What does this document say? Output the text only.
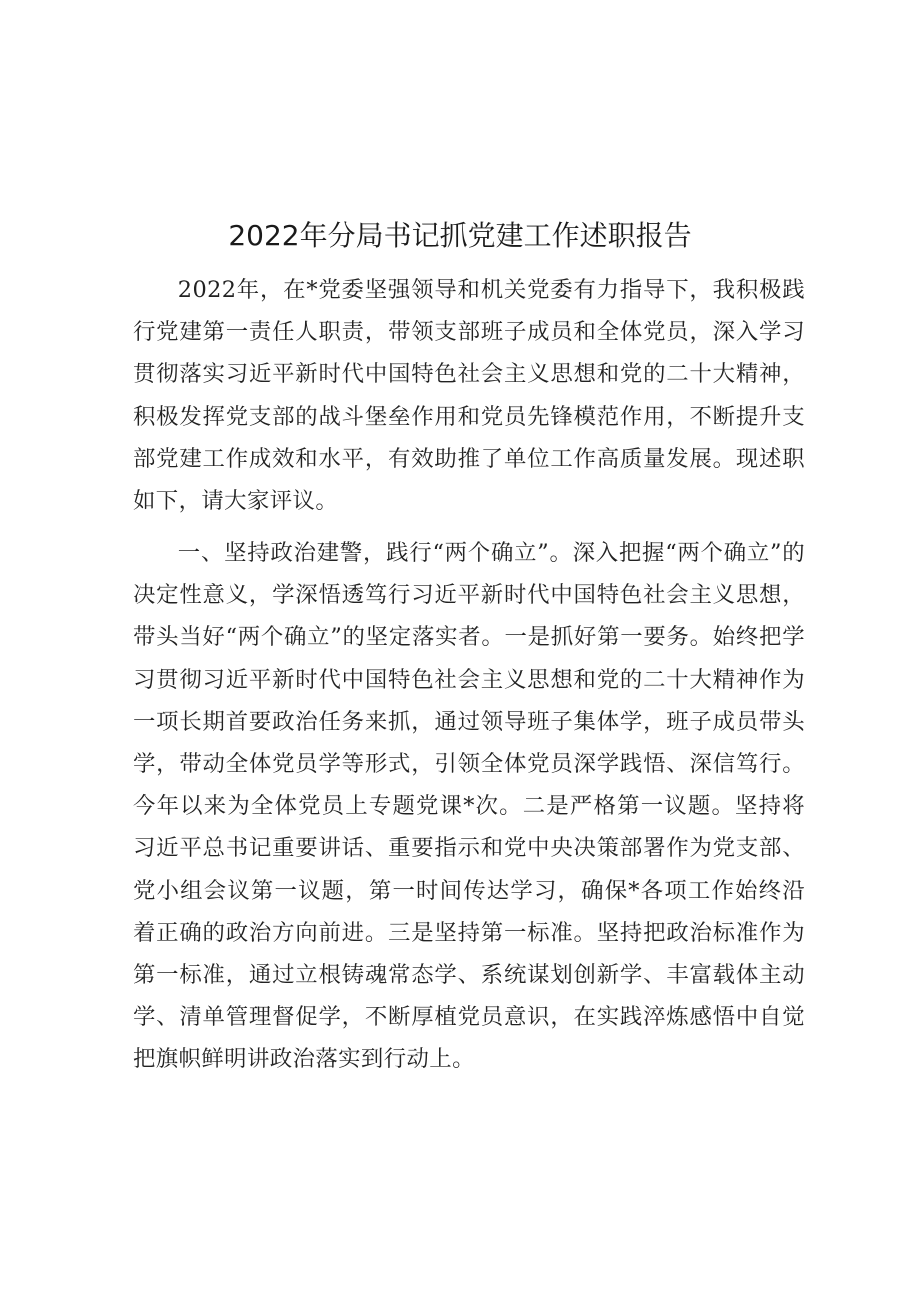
2022年分局书记抓党建工作述职报告

2022年，在*党委坚强领导和机关党委有力指导下，我积极践行党建第一责任人职责，带领支部班子成员和全体党员，深入学习贯彻落实习近平新时代中国特色社会主义思想和党的二十大精神，积极发挥党支部的战斗堡垒作用和党员先锋模范作用，不断提升支部党建工作成效和水平，有效助推了单位工作高质量发展。现述职如下，请大家评议。

一、坚持政治建警，践行“两个确立”。深入把握“两个确立”的决定性意义，学深悟透笃行习近平新时代中国特色社会主义思想，带头当好“两个确立”的坚定落实者。一是抓好第一要务。始终把学习贯彻习近平新时代中国特色社会主义思想和党的二十大精神作为一项长期首要政治任务来抓，通过领导班子集体学，班子成员带头学，带动全体党员学等形式，引领全体党员深学践悟、深信笃行。今年以来为全体党员上专题党课*次。二是严格第一议题。坚持将习近平总书记重要讲话、重要指示和党中央决策部署作为党支部、党小组会议第一议题，第一时间传达学习，确保*各项工作始终沿着正确的政治方向前进。三是坚持第一标准。坚持把政治标准作为第一标准，通过立根铸魂常态学、系统谋划创新学、丰富载体主动学、清单管理督促学，不断厚植党员意识，在实践淬炼感悟中自觉把旗帜鲜明讲政治落实到行动上。
